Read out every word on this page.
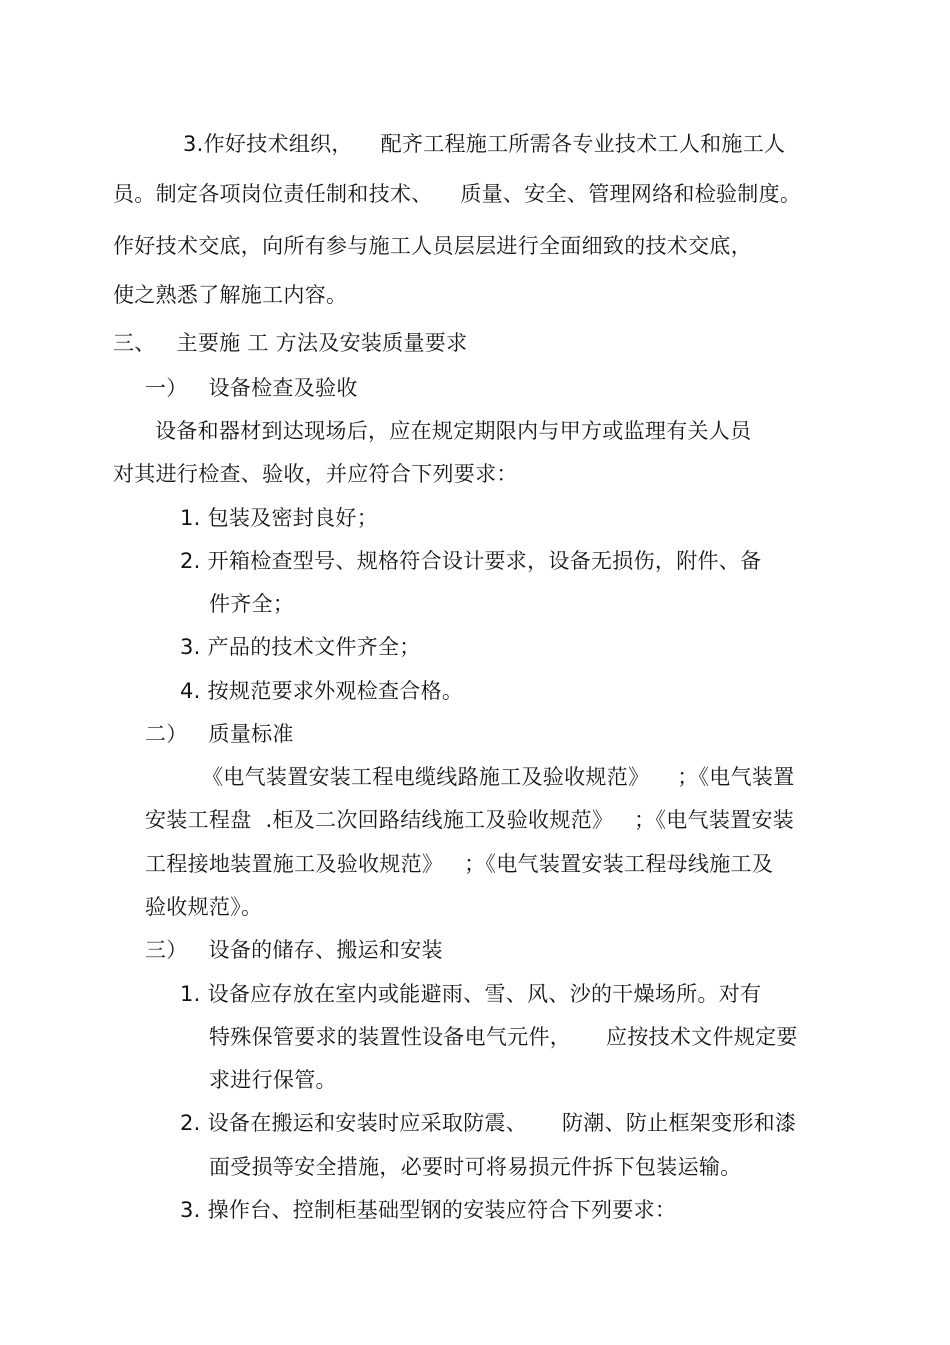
3.作好技术组织，    配齐工程施工所需各专业技术工人和施工人

员。制定各项岗位责任制和技术、    质量、安全、管理网络和检验制度。

作好技术交底，向所有参与施工人员层层进行全面细致的技术交底，

使之熟悉了解施工内容。

三、   主要施 工 方法及安装质量要求

一）   设备检查及验收

设备和器材到达现场后，应在规定期限内与甲方或监理有关人员

对其进行检查、验收，并应符合下列要求：

1. 包装及密封良好；

2. 开箱检查型号、规格符合设计要求，设备无损伤，附件、备

件齐全；

3. 产品的技术文件齐全；

4. 按规范要求外观检查合格。

二）   质量标准

《电气装置安装工程电缆线路施工及验收规范》    ；《电气装置

安装工程盘  .柜及二次回路结线施工及验收规范》   ；《电气装置安装

工程接地装置施工及验收规范》   ；《电气装置安装工程母线施工及

验收规范》。

三）   设备的储存、搬运和安装

1. 设备应存放在室内或能避雨、雪、风、沙的干燥场所。对有

特殊保管要求的装置性设备电气元件，     应按技术文件规定要

求进行保管。

2. 设备在搬运和安装时应采取防震、     防潮、防止框架变形和漆

面受损等安全措施，必要时可将易损元件拆下包装运输。

3. 操作台、控制柜基础型钢的安装应符合下列要求：
